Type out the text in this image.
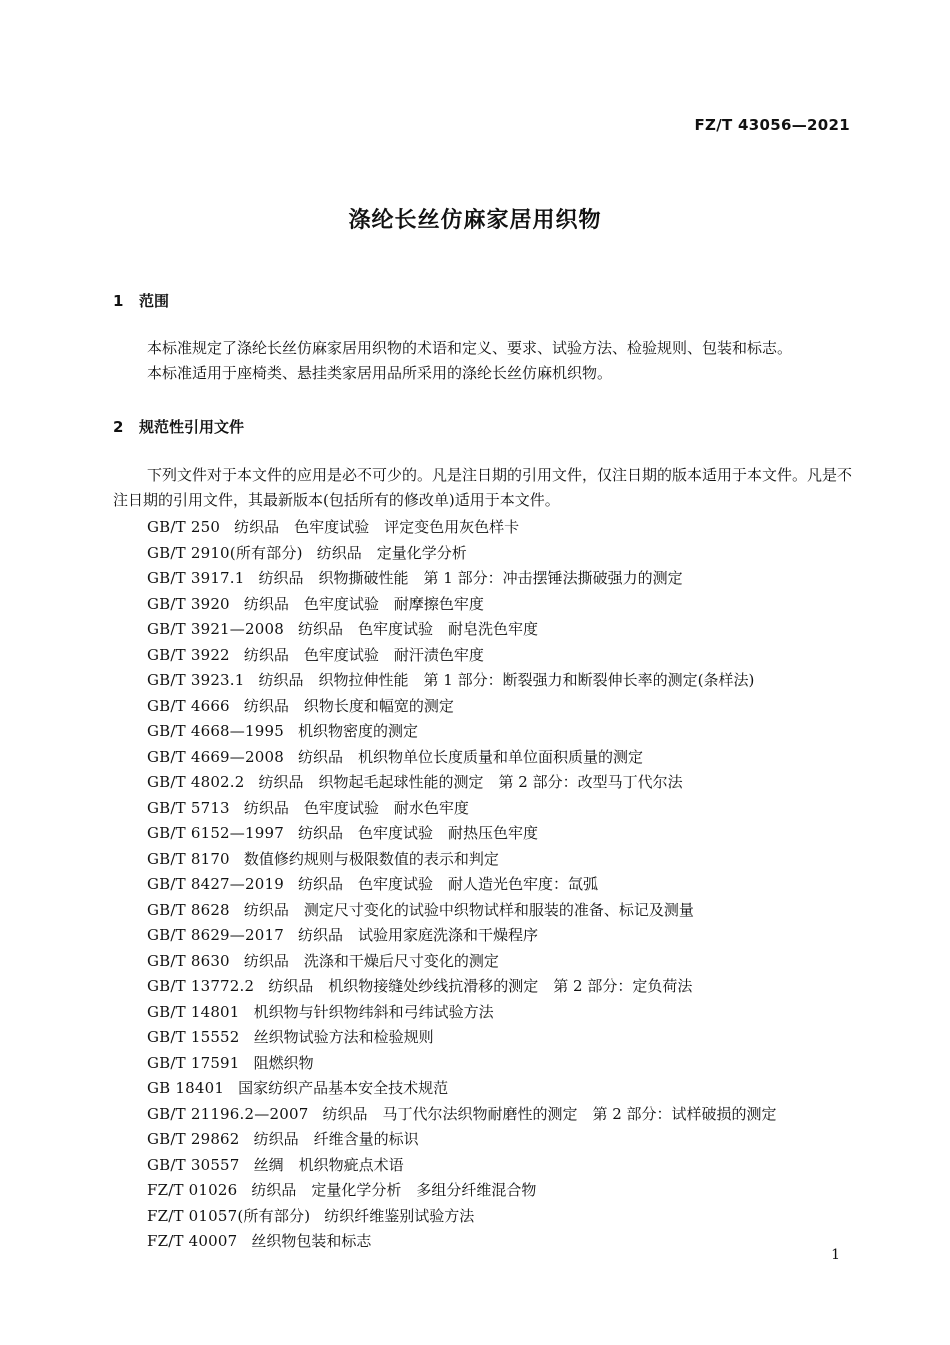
FZ/T 43056—2021
涤纶长丝仿麻家居用织物
1 范围

本标准规定了涤纶长丝仿麻家居用织物的术语和定义、要求、试验方法、检验规则、包装和标志。

本标准适用于座椅类、悬挂类家居用品所采用的涤纶长丝仿麻机织物。

2 规范性引用文件

下列文件对于本文件的应用是必不可少的。凡是注日期的引用文件，仅注日期的版本适用于本文件。凡是不注日期的引用文件，其最新版本(包括所有的修改单)适用于本文件。

GB/T 250 纺织品　色牢度试验　评定变色用灰色样卡
GB/T 2910(所有部分) 纺织品　定量化学分析
GB/T 3917.1 纺织品　织物撕破性能　第 1 部分：冲击摆锤法撕破强力的测定
GB/T 3920 纺织品　色牢度试验　耐摩擦色牢度
GB/T 3921—2008 纺织品　色牢度试验　耐皂洗色牢度
GB/T 3922 纺织品　色牢度试验　耐汗渍色牢度
GB/T 3923.1 纺织品　织物拉伸性能　第 1 部分：断裂强力和断裂伸长率的测定(条样法)
GB/T 4666 纺织品　织物长度和幅宽的测定
GB/T 4668—1995 机织物密度的测定
GB/T 4669—2008 纺织品　机织物单位长度质量和单位面积质量的测定
GB/T 4802.2 纺织品　织物起毛起球性能的测定　第 2 部分：改型马丁代尔法
GB/T 5713 纺织品　色牢度试验　耐水色牢度
GB/T 6152—1997 纺织品　色牢度试验　耐热压色牢度
GB/T 8170 数值修约规则与极限数值的表示和判定
GB/T 8427—2019 纺织品　色牢度试验　耐人造光色牢度：氙弧
GB/T 8628 纺织品　测定尺寸变化的试验中织物试样和服装的准备、标记及测量
GB/T 8629—2017 纺织品　试验用家庭洗涤和干燥程序
GB/T 8630 纺织品　洗涤和干燥后尺寸变化的测定
GB/T 13772.2 纺织品　机织物接缝处纱线抗滑移的测定　第 2 部分：定负荷法
GB/T 14801 机织物与针织物纬斜和弓纬试验方法
GB/T 15552 丝织物试验方法和检验规则
GB/T 17591 阻燃织物
GB 18401 国家纺织产品基本安全技术规范
GB/T 21196.2—2007 纺织品　马丁代尔法织物耐磨性的测定　第 2 部分：试样破损的测定
GB/T 29862 纺织品　纤维含量的标识
GB/T 30557 丝绸　机织物疵点术语
FZ/T 01026 纺织品　定量化学分析　多组分纤维混合物
FZ/T 01057(所有部分) 纺织纤维鉴别试验方法
FZ/T 40007 丝织物包装和标志
1
